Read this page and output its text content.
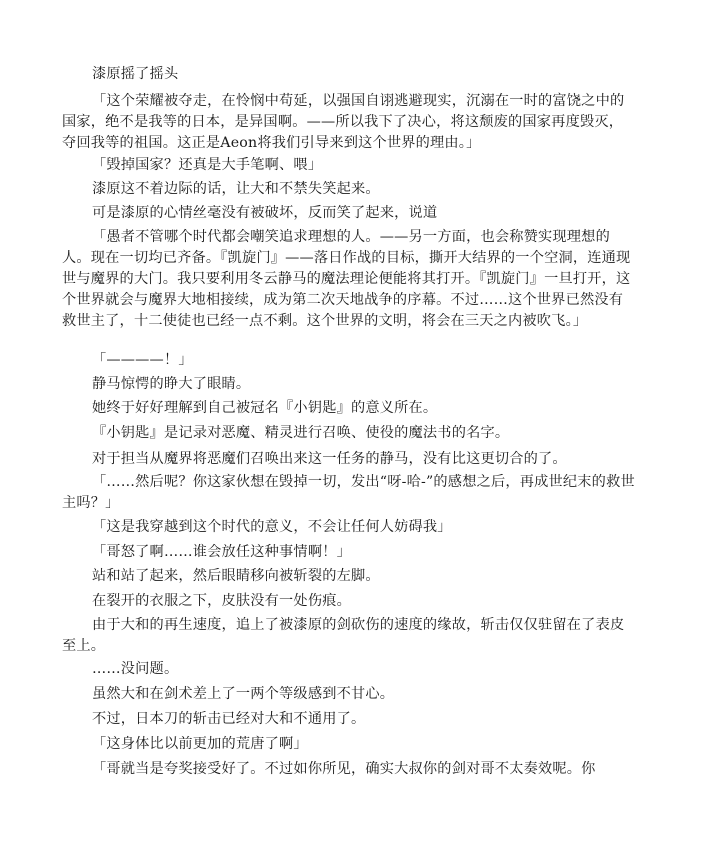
漆原摇了摇头

「这个荣耀被夺走，在怜悯中苟延，以强国自诩逃避现实，沉溺在一时的富饶之中的国家，绝不是我等的日本，是异国啊。——所以我下了决心，将这颓废的国家再度毁灭，夺回我等的祖国。这正是Aeon将我们引导来到这个世界的理由。」

「毁掉国家？还真是大手笔啊、喂」

漆原这不着边际的话，让大和不禁失笑起来。

可是漆原的心情丝毫没有被破坏，反而笑了起来，说道

「愚者不管哪个时代都会嘲笑追求理想的人。——另一方面，也会称赞实现理想的人。现在一切均已齐备。『凯旋门』——落日作战的目标，撕开大结界的一个空洞，连通现世与魔界的大门。我只要利用冬云静马的魔法理论便能将其打开。『凯旋门』一旦打开，这个世界就会与魔界大地相接续，成为第二次天地战争的序幕。不过……这个世界已然没有救世主了，十二使徒也已经一点不剩。这个世界的文明，将会在三天之内被吹飞。」

「————！」

静马惊愕的睁大了眼睛。

她终于好好理解到自己被冠名『小钥匙』的意义所在。

『小钥匙』是记录对恶魔、精灵进行召唤、使役的魔法书的名字。

对于担当从魔界将恶魔们召唤出来这一任务的静马，没有比这更切合的了。

「……然后呢？你这家伙想在毁掉一切，发出“呀-哈-”的感想之后，再成世纪末的救世主吗？」

「这是我穿越到这个时代的意义，不会让任何人妨碍我」

「哥怒了啊……谁会放任这种事情啊！」

站和站了起来，然后眼睛移向被斩裂的左脚。

在裂开的衣服之下，皮肤没有一处伤痕。

由于大和的再生速度，追上了被漆原的剑砍伤的速度的缘故，斩击仅仅驻留在了表皮至上。

……没问题。

虽然大和在剑术差上了一两个等级感到不甘心。

不过，日本刀的斩击已经对大和不通用了。

「这身体比以前更加的荒唐了啊」

「哥就当是夸奖接受好了。不过如你所见，确实大叔你的剑对哥不太奏效呢。你
